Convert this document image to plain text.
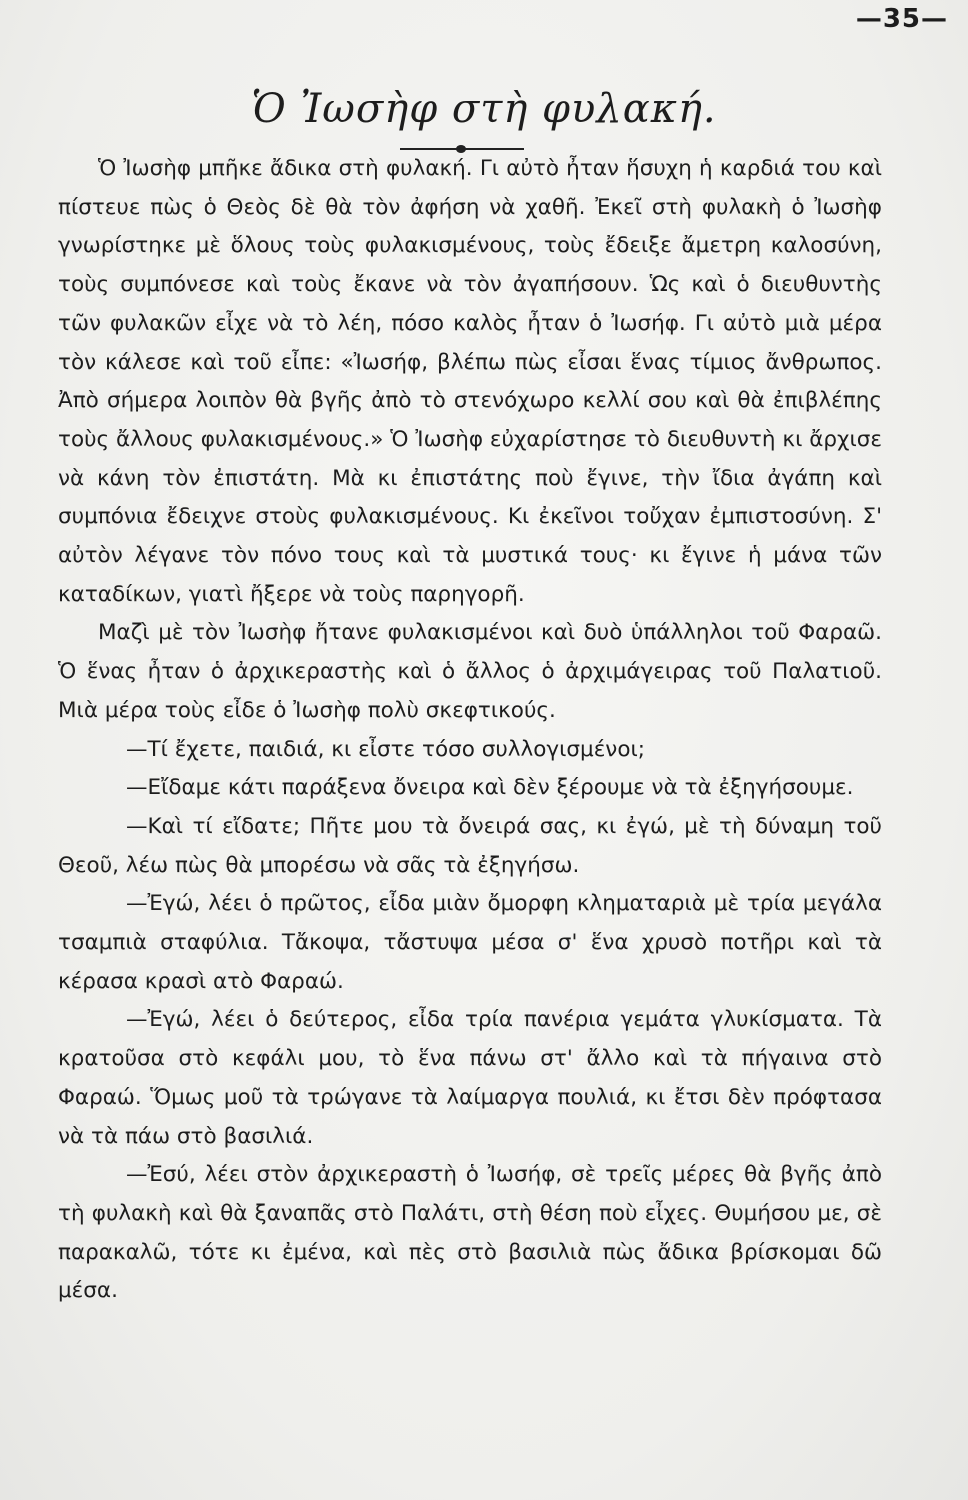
—35—
Ὁ Ἰωσὴφ στὴ φυλακή.

Ὁ Ἰωσὴφ μπῆκε ἄδικα στὴ φυλακή. Γι αὐτὸ ἦταν ἥσυχη ἡ καρδιά του καὶ πίστευε πὼς ὁ Θεὸς δὲ θὰ τὸν ἀφήση νὰ χαθῆ. Ἐκεῖ στὴ φυλακὴ ὁ Ἰωσὴφ γνωρίστηκε μὲ ὅλους τοὺς φυλακισμένους, τοὺς ἔδειξε ἄμετρη καλοσύνη, τοὺς συμπόνεσε καὶ τοὺς ἔκανε νὰ τὸν ἀγαπήσουν. Ὡς καὶ ὁ διευθυντὴς τῶν φυλακῶν εἶχε νὰ τὸ λέη, πόσο καλὸς ἦταν ὁ Ἰωσήφ. Γι αὐτὸ μιὰ μέρα τὸν κάλεσε καὶ τοῦ εἶπε: «Ἰωσήφ, βλέπω πὼς εἶσαι ἕνας τίμιος ἄνθρωπος. Ἀπὸ σήμερα λοιπὸν θὰ βγῆς ἀπὸ τὸ στενόχωρο κελλί σου καὶ θὰ ἐπιβλέπης τοὺς ἄλλους φυλακισμένους.» Ὁ Ἰωσὴφ εὐχαρίστησε τὸ διευθυντὴ κι ἄρχισε νὰ κάνη τὸν ἐπιστάτη. Μὰ κι ἐπιστάτης ποὺ ἔγινε, τὴν ἴδια ἀγάπη καὶ συμπόνια ἔδειχνε στοὺς φυλακισμένους. Κι ἐκεῖνοι τοὔχαν ἐμπιστοσύνη. Σ' αὐτὸν λέγανε τὸν πόνο τους καὶ τὰ μυστικά τους· κι ἔγινε ἡ μάνα τῶν καταδίκων, γιατὶ ἤξερε νὰ τοὺς παρηγορῆ.

Μαζὶ μὲ τὸν Ἰωσὴφ ἤτανε φυλακισμένοι καὶ δυὸ ὑπάλληλοι τοῦ Φαραῶ. Ὁ ἕνας ἦταν ὁ ἀρχικεραστὴς καὶ ὁ ἄλλος ὁ ἀρχιμάγειρας τοῦ Παλατιοῦ. Μιὰ μέρα τοὺς εἶδε ὁ Ἰωσὴφ πολὺ σκεφτικούς.

—Τί ἔχετε, παιδιά, κι εἶστε τόσο συλλογισμένοι;

—Εἴδαμε κάτι παράξενα ὄνειρα καὶ δὲν ξέρουμε νὰ τὰ ἐξηγήσουμε.

—Καὶ τί εἴδατε; Πῆτε μου τὰ ὄνειρά σας, κι ἐγώ, μὲ τὴ δύναμη τοῦ Θεοῦ, λέω πὼς θὰ μπορέσω νὰ σᾶς τὰ ἐξηγήσω.

—Ἐγώ, λέει ὁ πρῶτος, εἶδα μιὰν ὄμορφη κληματαριὰ μὲ τρία μεγάλα τσαμπιὰ σταφύλια. Τἄκοψα, τἄστυψα μέσα σ' ἕνα χρυσὸ ποτῆρι καὶ τὰ κέρασα κρασὶ ατὸ Φαραώ.

—Ἐγώ, λέει ὁ δεύτερος, εἶδα τρία πανέρια γεμάτα γλυκίσματα. Τὰ κρατοῦσα στὸ κεφάλι μου, τὸ ἕνα πάνω στ' ἄλλο καὶ τὰ πήγαινα στὸ Φαραώ. Ὅμως μοῦ τὰ τρώγανε τὰ λαίμαργα πουλιά, κι ἔτσι δὲν πρόφτασα νὰ τὰ πάω στὸ βασιλιά.

—Ἐσύ, λέει στὸν ἀρχικεραστὴ ὁ Ἰωσήφ, σὲ τρεῖς μέρες θὰ βγῆς ἀπὸ τὴ φυλακὴ καὶ θὰ ξαναπᾶς στὸ Παλάτι, στὴ θέση ποὺ εἶχες. Θυμήσου με, σὲ παρακαλῶ, τότε κι ἐμένα, καὶ πὲς στὸ βασιλιὰ πὼς ἄδικα βρίσκομαι δῶ μέσα.
